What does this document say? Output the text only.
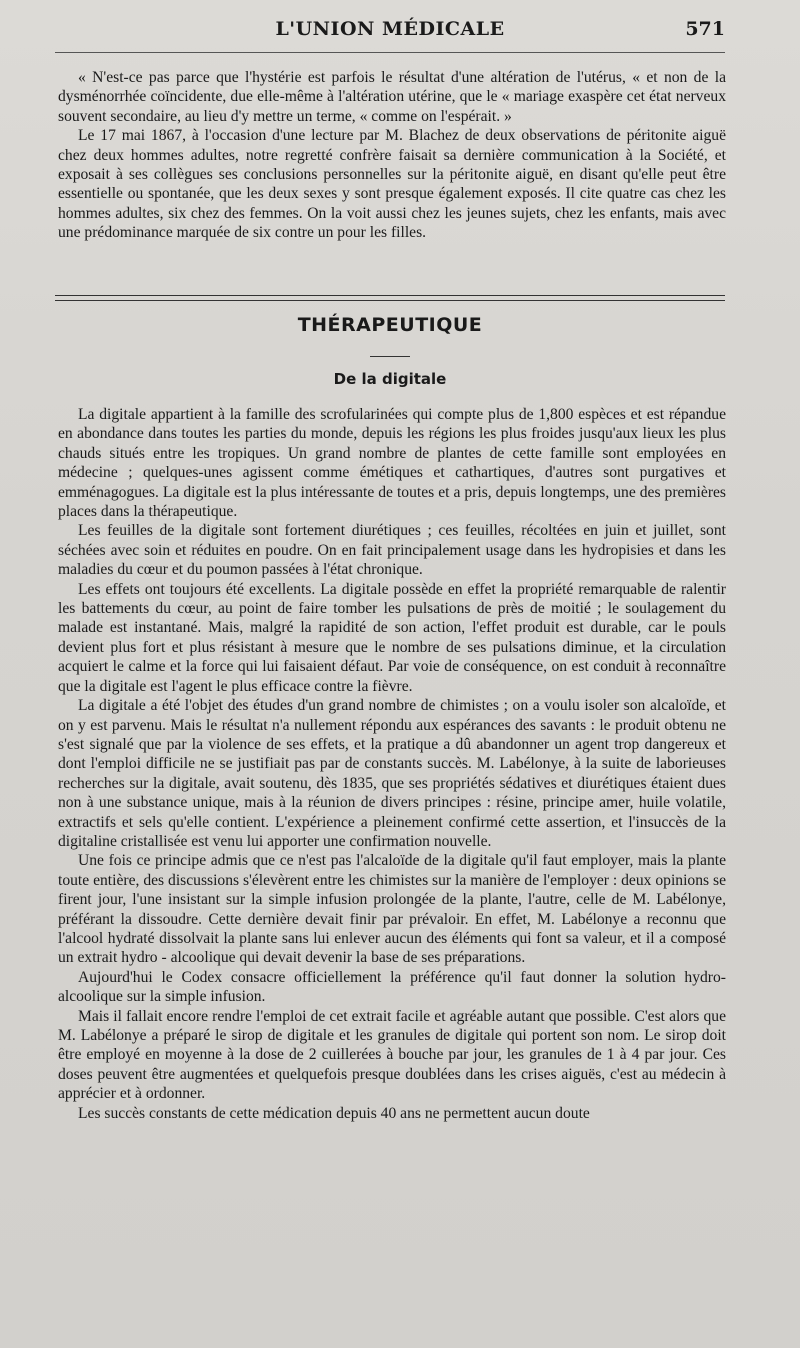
L'UNION MÉDICALE	571

« N'est-ce pas parce que l'hystérie est parfois le résultat d'une altération de l'utérus, « et non de la dysménorrhée coïncidente, due elle-même à l'altération utérine, que le « mariage exaspère cet état nerveux souvent secondaire, au lieu d'y mettre un terme, « comme on l'espérait. »

Le 17 mai 1867, à l'occasion d'une lecture par M. Blachez de deux observations de péritonite aiguë chez deux hommes adultes, notre regretté confrère faisait sa dernière communication à la Société, et exposait à ses collègues ses conclusions personnelles sur la péritonite aiguë, en disant qu'elle peut être essentielle ou spontanée, que les deux sexes y sont presque également exposés. Il cite quatre cas chez les hommes adultes, six chez des femmes. On la voit aussi chez les jeunes sujets, chez les enfants, mais avec une prédominance marquée de six contre un pour les filles.

THÉRAPEUTIQUE
De la digitale

La digitale appartient à la famille des scrofularinées qui compte plus de 1,800 espèces et est répandue en abondance dans toutes les parties du monde, depuis les régions les plus froides jusqu'aux lieux les plus chauds situés entre les tropiques. Un grand nombre de plantes de cette famille sont employées en médecine ; quelques-unes agissent comme émétiques et cathartiques, d'autres sont purgatives et emménagogues. La digitale est la plus intéressante de toutes et a pris, depuis longtemps, une des premières places dans la thérapeutique.

Les feuilles de la digitale sont fortement diurétiques ; ces feuilles, récoltées en juin et juillet, sont séchées avec soin et réduites en poudre. On en fait principalement usage dans les hydropisies et dans les maladies du cœur et du poumon passées à l'état chronique.

Les effets ont toujours été excellents. La digitale possède en effet la propriété remarquable de ralentir les battements du cœur, au point de faire tomber les pulsations de près de moitié ; le soulagement du malade est instantané. Mais, malgré la rapidité de son action, l'effet produit est durable, car le pouls devient plus fort et plus résistant à mesure que le nombre de ses pulsations diminue, et la circulation acquiert le calme et la force qui lui faisaient défaut. Par voie de conséquence, on est conduit à reconnaître que la digitale est l'agent le plus efficace contre la fièvre.

La digitale a été l'objet des études d'un grand nombre de chimistes ; on a voulu isoler son alcaloïde, et on y est parvenu. Mais le résultat n'a nullement répondu aux espérances des savants : le produit obtenu ne s'est signalé que par la violence de ses effets, et la pratique a dû abandonner un agent trop dangereux et dont l'emploi difficile ne se justifiait pas par de constants succès. M. Labélonye, à la suite de laborieuses recherches sur la digitale, avait soutenu, dès 1835, que ses propriétés sédatives et diurétiques étaient dues non à une substance unique, mais à la réunion de divers principes : résine, principe amer, huile volatile, extractifs et sels qu'elle contient. L'expérience a pleinement confirmé cette assertion, et l'insuccès de la digitaline cristallisée est venu lui apporter une confirmation nouvelle.

Une fois ce principe admis que ce n'est pas l'alcaloïde de la digitale qu'il faut employer, mais la plante toute entière, des discussions s'élevèrent entre les chimistes sur la manière de l'employer : deux opinions se firent jour, l'une insistant sur la simple infusion prolongée de la plante, l'autre, celle de M. Labélonye, préférant la dissoudre. Cette dernière devait finir par prévaloir. En effet, M. Labélonye a reconnu que l'alcool hydraté dissolvait la plante sans lui enlever aucun des éléments qui font sa valeur, et il a composé un extrait hydro - alcoolique qui devait devenir la base de ses préparations.

Aujourd'hui le Codex consacre officiellement la préférence qu'il faut donner la solution hydro-alcoolique sur la simple infusion.

Mais il fallait encore rendre l'emploi de cet extrait facile et agréable autant que possible. C'est alors que M. Labélonye a préparé le sirop de digitale et les granules de digitale qui portent son nom. Le sirop doit être employé en moyenne à la dose de 2 cuillerées à bouche par jour, les granules de 1 à 4 par jour. Ces doses peuvent être augmentées et quelquefois presque doublées dans les crises aiguës, c'est au médecin à apprécier et à ordonner.

Les succès constants de cette médication depuis 40 ans ne permettent aucun doute
